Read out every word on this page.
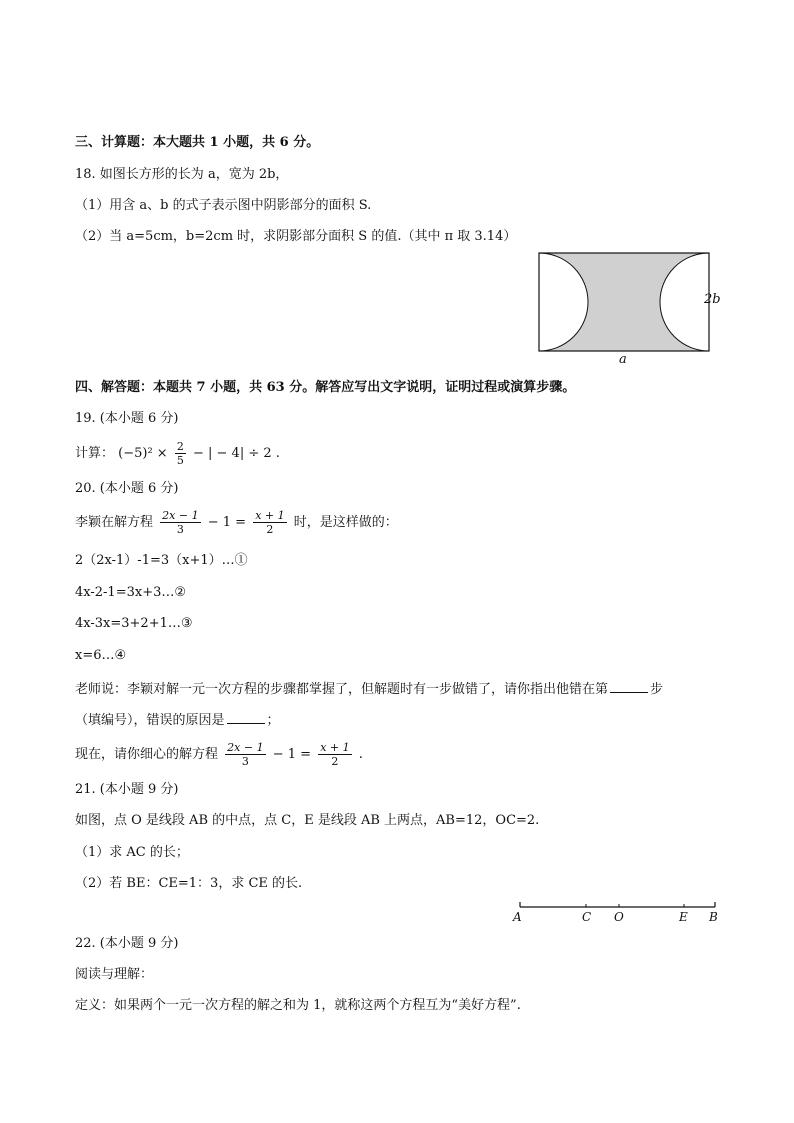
三、计算题：本大题共 1 小题，共 6 分。
18. 如图长方形的长为 a，宽为 2b，
（1）用含 a、b 的式子表示图中阴影部分的面积 S.
（2）当 a=5cm，b=2cm 时，求阴影部分面积 S 的值.（其中 π 取 3.14）
2b
a
四、解答题：本题共 7 小题，共 63 分。解答应写出文字说明，证明过程或演算步骤。
19. (本小题 6 分)
计算： $(-5)^2 \times \frac{2}{5}$ − | − 4| ÷ 2 .
20. (本小题 6 分)
李颖在解方程 $\frac{2x - 1}{3} - 1 = \frac{x + 1}{2}$ 时，是这样做的：
2（2x-1）-1=3（x+1）…①
4x-2-1=3x+3…②
4x-3x=3+2+1…③
x=6…④
老师说：李颖对解一元一次方程的步骤都掌握了，但解题时有一步做错了，请你指出他错在第	步
（填编号），错误的原因是	；
现在，请你细心的解方程 $\frac{2x - 1}{3} - 1 = \frac{x + 1}{2}$ .
21. (本小题 9 分)
如图，点 O 是线段 AB 的中点，点 C，E 是线段 AB 上两点，AB=12，OC=2.
（1）求 AC 的长；
（2）若 BE：CE=1：3，求 CE 的长.
A	C O	E B
22. (本小题 9 分)
阅读与理解：
定义：如果两个一元一次方程的解之和为 1，就称这两个方程互为“美好方程”.
